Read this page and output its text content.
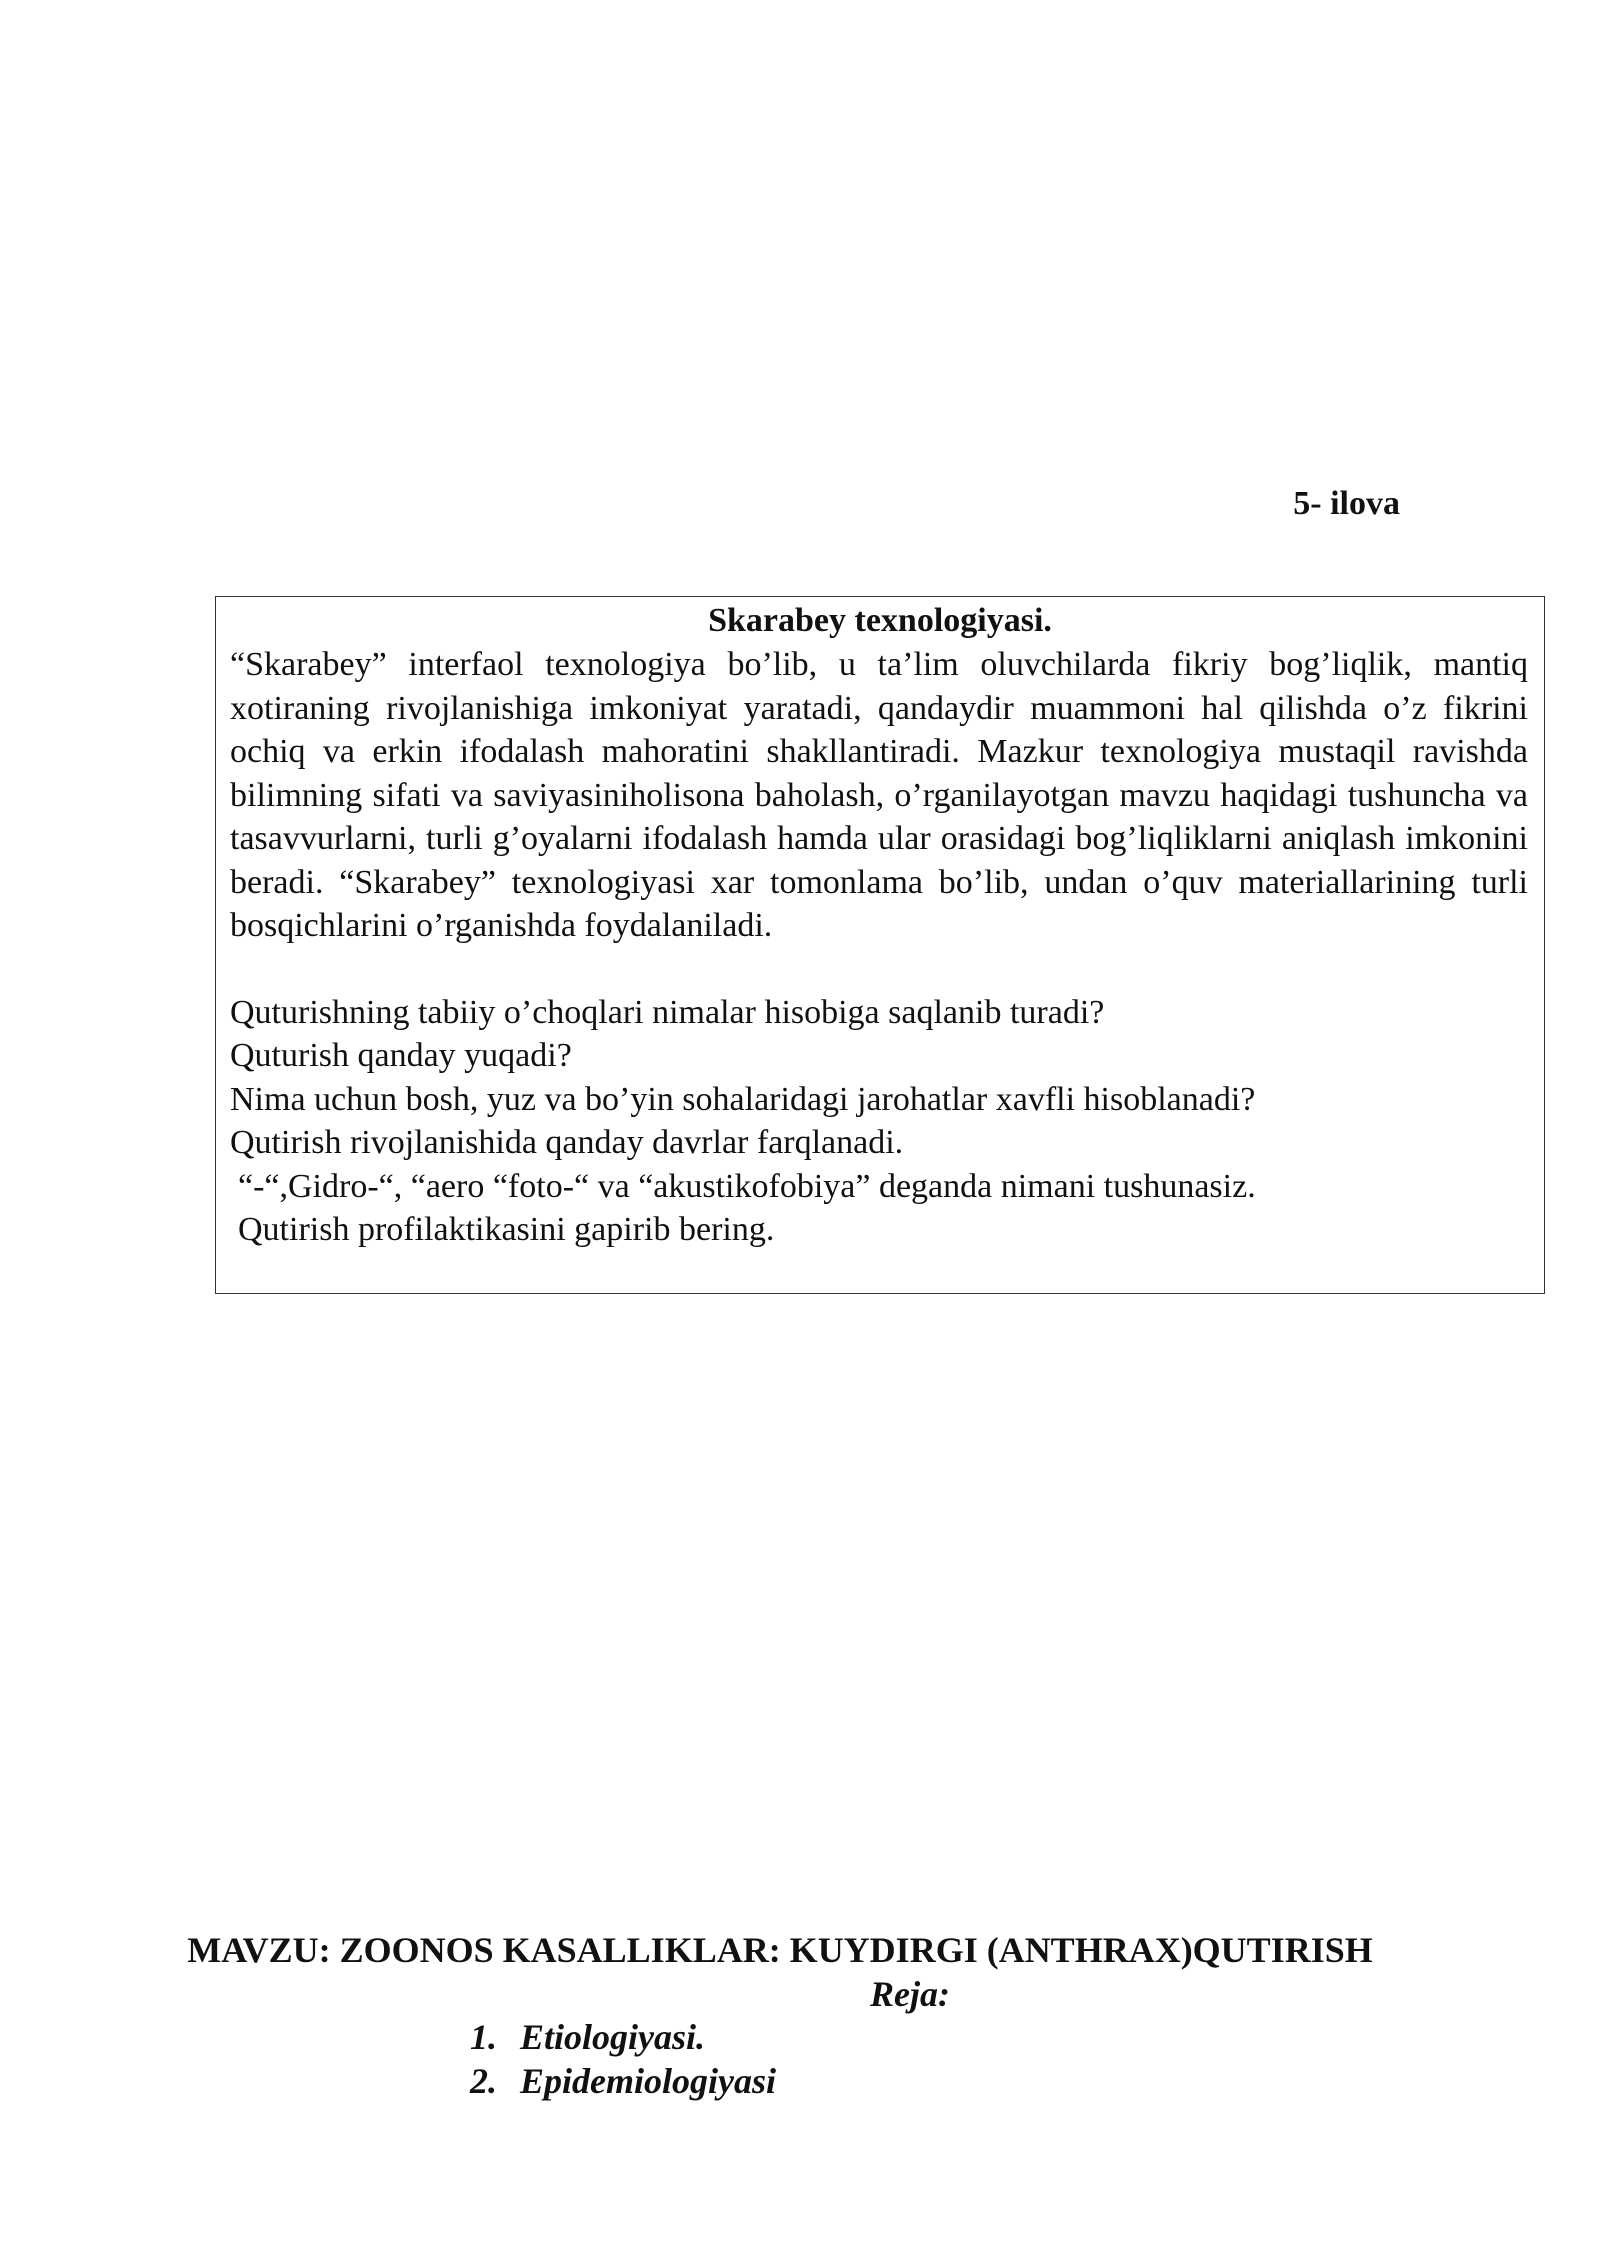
5- ilova
Skarabey texnologiyasi.

“Skarabey” interfaol texnologiya bo’lib, u ta’lim oluvchilarda fikriy bog’liqlik, mantiq xotiraning rivojlanishiga imkoniyat yaratadi, qandaydir muammoni hal qilishda o’z fikrini ochiq va erkin ifodalash mahoratini shakllantiradi. Mazkur texnologiya mustaqil ravishda bilimning sifati va saviyasiniholisona baholash, o’rganilayotgan mavzu haqidagi tushuncha va tasavvurlarni, turli g’oyalarni ifodalash hamda ular orasidagi bog’liqliklarni aniqlash imkonini beradi. “Skarabey” texnologiyasi xar tomonlama bo’lib, undan o’quv materiallarining turli bosqichlarini o’rganishda foydalaniladi.

Quturishning tabiiy o’choqlari nimalar hisobiga saqlanib turadi?
Quturish qanday yuqadi?
Nima uchun bosh, yuz va bo’yin sohalaridagi jarohatlar xavfli hisoblanadi?
Qutirish rivojlanishida qanday davrlar farqlanadi.
“-“,Gidro-“, “aero “foto-“ va “akustikofobiya” deganda nimani tushunasiz.
Qutirish profilaktikasini gapirib bering.
MAVZU: ZOONOS KASALLIKLAR: KUYDIRGI (ANTHRAX)QUTIRISH
Reja:
1. Etiologiyasi.
2. Epidemiologiyasi
